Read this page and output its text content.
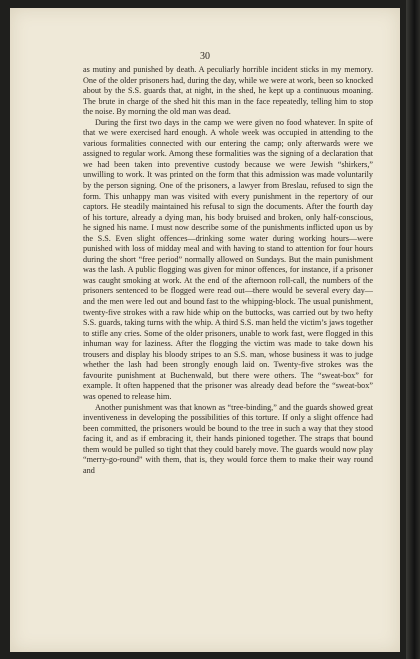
30

as mutiny and punished by death. A peculiarly horrible incident sticks in my memory. One of the older prisoners had, during the day, while we were at work, been so knocked about by the S.S. guards that, at night, in the shed, he kept up a continuous moaning. The brute in charge of the shed hit this man in the face repeatedly, telling him to stop the noise. By morning the old man was dead.

During the first two days in the camp we were given no food whatever. In spite of that we were exercised hard enough. A whole week was occupied in attending to the various formalities connected with our entering the camp; only afterwards were we assigned to regular work. Among these formalities was the signing of a declaration that we had been taken into preventive custody because we were Jewish “shirkers,” unwilling to work. It was printed on the form that this admission was made voluntarily by the person signing. One of the prisoners, a lawyer from Breslau, refused to sign the form. This unhappy man was visited with every punishment in the repertory of our captors. He steadily maintained his refusal to sign the documents. After the fourth day of his torture, already a dying man, his body bruised and broken, only half-conscious, he signed his name. I must now describe some of the punishments inflicted upon us by the S.S. Even slight offences—drinking some water during working hours—were punished with loss of midday meal and with having to stand to attention for four hours during the short “free period” normally allowed on Sundays. But the main punishment was the lash. A public flogging was given for minor offences, for instance, if a prisoner was caught smoking at work. At the end of the afternoon roll-call, the numbers of the prisoners sentenced to be flogged were read out—there would be several every day—and the men were led out and bound fast to the whipping-block. The usual punishment, twenty-five strokes with a raw hide whip on the buttocks, was carried out by two hefty S.S. guards, taking turns with the whip. A third S.S. man held the victim’s jaws together to stifle any cries. Some of the older prisoners, unable to work fast, were flogged in this inhuman way for laziness. After the flogging the victim was made to take down his trousers and display his bloody stripes to an S.S. man, whose business it was to judge whether the lash had been strongly enough laid on. Twenty-five strokes was the favourite punishment at Buchenwald, but there were others. The “sweat-box” for example. It often happened that the prisoner was already dead before the “sweat-box” was opened to release him.

Another punishment was that known as “tree-binding,” and the guards showed great inventiveness in developing the possibilities of this torture. If only a slight offence had been committed, the prisoners would be bound to the tree in such a way that they stood facing it, and as if embracing it, their hands pinioned together. The straps that bound them would be pulled so tight that they could barely move. The guards would now play “merry-go-round” with them, that is, they would force them to make their way round and
